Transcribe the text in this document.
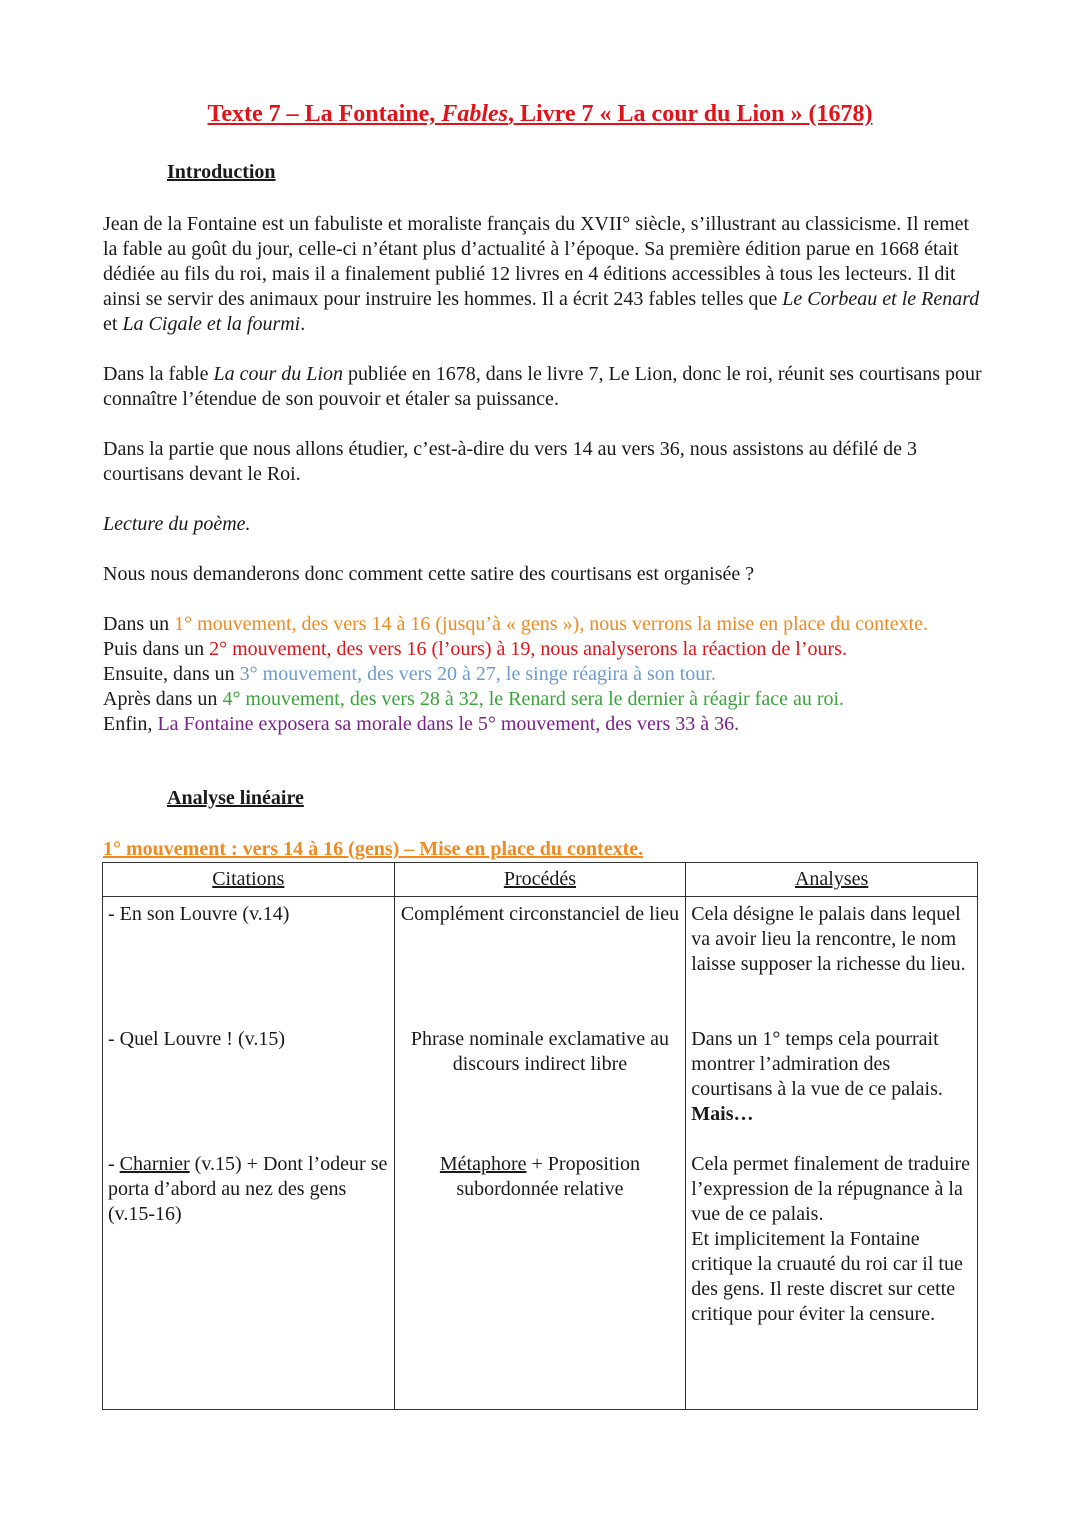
Texte 7 – La Fontaine, Fables, Livre 7 « La cour du Lion » (1678)
Introduction

Jean de la Fontaine est un fabuliste et moraliste français du XVII° siècle, s’illustrant au classicisme. Il remet la fable au goût du jour, celle-ci n’étant plus d’actualité à l’époque. Sa première édition parue en 1668 était dédiée au fils du roi, mais il a finalement publié 12 livres en 4 éditions accessibles à tous les lecteurs. Il dit ainsi se servir des animaux pour instruire les hommes. Il a écrit 243 fables telles que Le Corbeau et le Renard et La Cigale et la fourmi.

Dans la fable La cour du Lion publiée en 1678, dans le livre 7, Le Lion, donc le roi, réunit ses courtisans pour connaître l’étendue de son pouvoir et étaler sa puissance.

Dans la partie que nous allons étudier, c’est-à-dire du vers 14 au vers 36, nous assistons au défilé de 3 courtisans devant le Roi.

Lecture du poème.

Nous nous demanderons donc comment cette satire des courtisans est organisée ?

Dans un 1° mouvement, des vers 14 à 16 (jusqu’à « gens »), nous verrons la mise en place du contexte.

Puis dans un 2° mouvement, des vers 16 (l’ours) à 19, nous analyserons la réaction de l’ours.

Ensuite, dans un 3° mouvement, des vers 20 à 27, le singe réagira à son tour.

Après dans un 4° mouvement, des vers 28 à 32, le Renard sera le dernier à réagir face au roi.

Enfin, La Fontaine exposera sa morale dans le 5° mouvement, des vers 33 à 36.

Analyse linéaire
1° mouvement : vers 14 à 16 (gens) – Mise en place du contexte.
Citations	Procédés	Analyses
- En son Louvre (v.14)	Complément circonstanciel de lieu	Cela désigne le palais dans lequel va avoir lieu la rencontre, le nom laisse supposer la richesse du lieu.
- Quel Louvre ! (v.15)	Phrase nominale exclamative au discours indirect libre	Dans un 1° temps cela pourrait montrer l’admiration des courtisans à la vue de ce palais.
Mais…
- Charnier (v.15) + Dont l’odeur se porta d’abord au nez des gens (v.15-16)	Métaphore + Proposition subordonnée relative	Cela permet finalement de traduire l’expression de la répugnance à la vue de ce palais.
Et implicitement la Fontaine critique la cruauté du roi car il tue des gens. Il reste discret sur cette critique pour éviter la censure.
